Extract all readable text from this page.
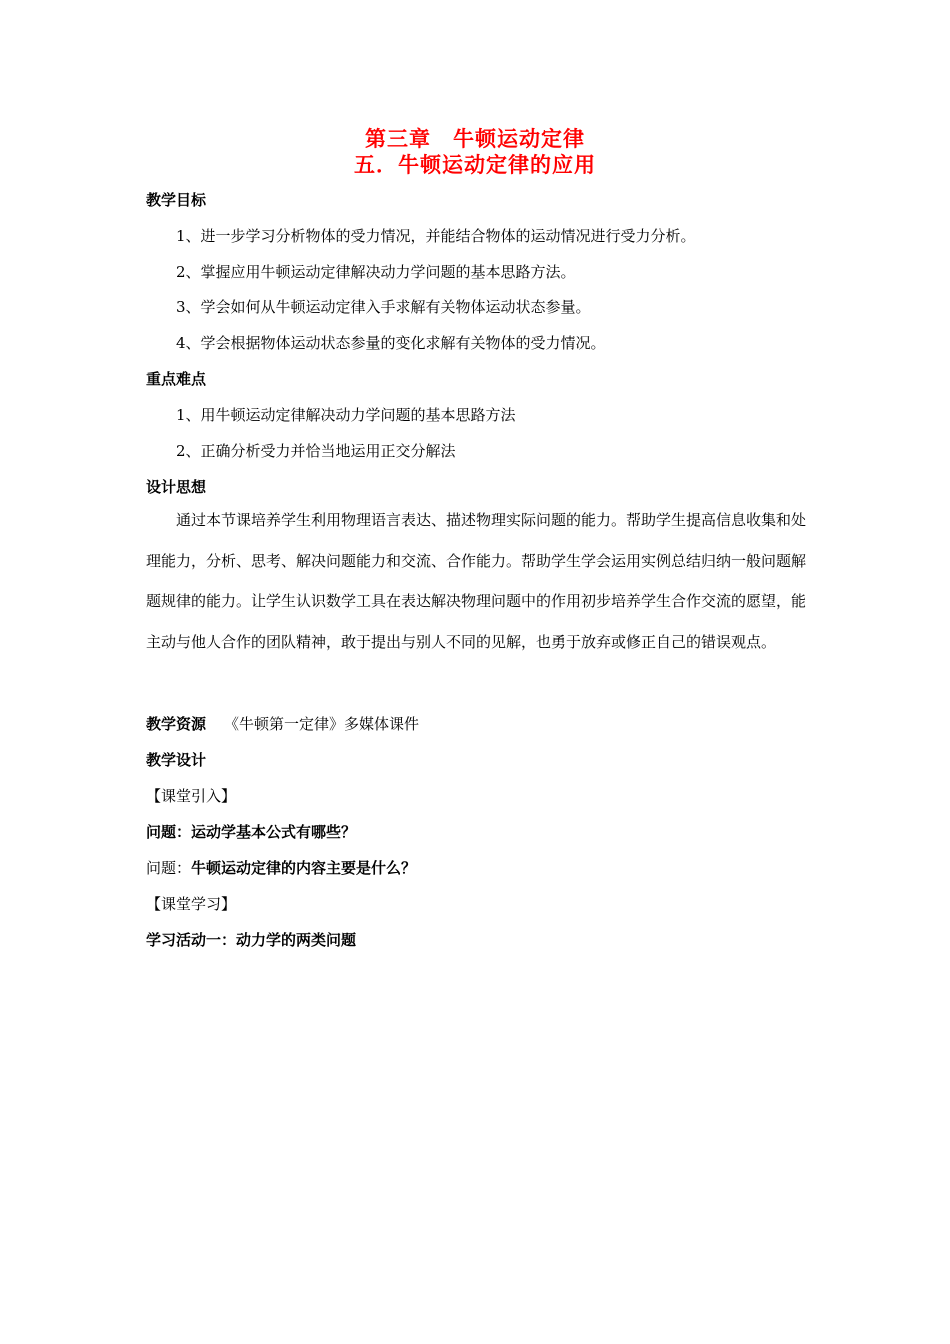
第三章　牛顿运动定律
五．牛顿运动定律的应用
教学目标
1、进一步学习分析物体的受力情况，并能结合物体的运动情况进行受力分析。
2、掌握应用牛顿运动定律解决动力学问题的基本思路方法。
3、学会如何从牛顿运动定律入手求解有关物体运动状态参量。
4、学会根据物体运动状态参量的变化求解有关物体的受力情况。
重点难点
1、用牛顿运动定律解决动力学问题的基本思路方法
2、正确分析受力并恰当地运用正交分解法
设计思想
通过本节课培养学生利用物理语言表达、描述物理实际问题的能力。帮助学生提高信息收集和处理能力，分析、思考、解决问题能力和交流、合作能力。帮助学生学会运用实例总结归纳一般问题解题规律的能力。让学生认识数学工具在表达解决物理问题中的作用初步培养学生合作交流的愿望，能主动与他人合作的团队精神，敢于提出与别人不同的见解，也勇于放弃或修正自己的错误观点。
教学资源 《牛顿第一定律》多媒体课件
教学设计
【课堂引入】
问题：运动学基本公式有哪些？
问题：牛顿运动定律的内容主要是什么？
【课堂学习】
学习活动一：动力学的两类问题
